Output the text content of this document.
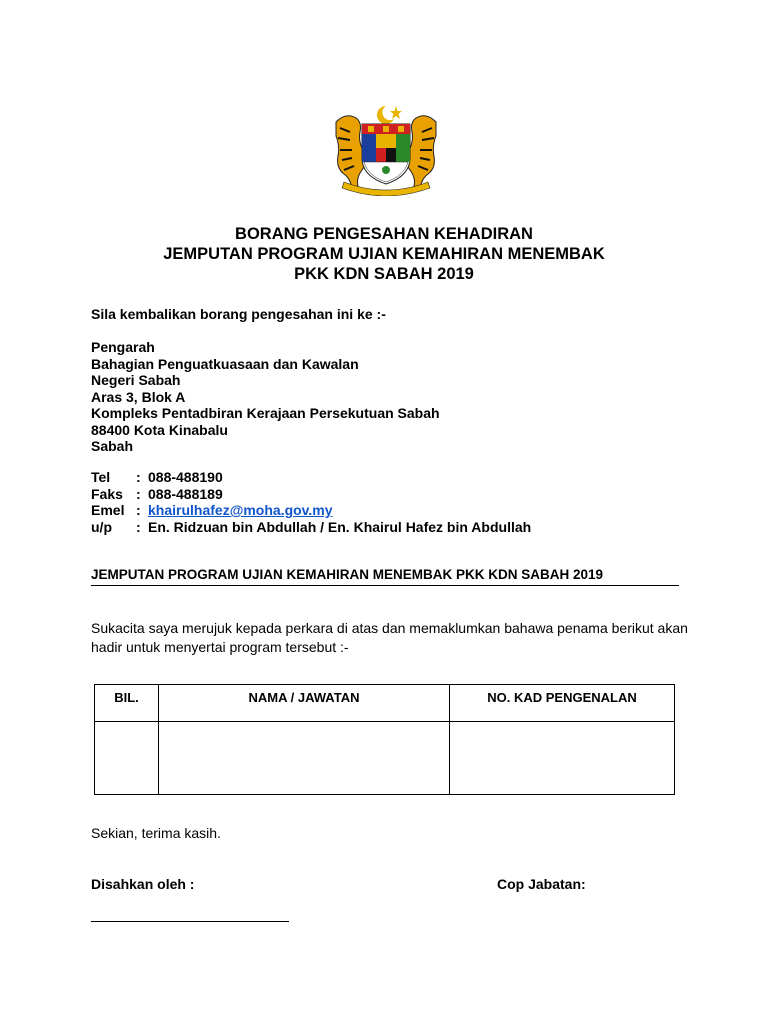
BORANG PENGESAHAN KEHADIRAN
JEMPUTAN PROGRAM UJIAN KEMAHIRAN MENEMBAK
PKK KDN SABAH 2019
Sila kembalikan borang pengesahan ini ke :-
Pengarah
Bahagian Penguatkuasaan dan Kawalan
Negeri Sabah
Aras 3, Blok A
Kompleks Pentadbiran Kerajaan Persekutuan Sabah
88400 Kota Kinabalu
Sabah
Tel	: 088-488190
Faks : 088-488189
Emel : khairulhafez@moha.gov.my
u/p	: En. Ridzuan bin Abdullah / En. Khairul Hafez bin Abdullah
JEMPUTAN PROGRAM UJIAN KEMAHIRAN MENEMBAK PKK KDN SABAH 2019
Sukacita saya merujuk kepada perkara di atas dan memaklumkan bahawa penama berikut akan hadir untuk menyertai program tersebut :-
BIL.	NAMA / JAWATAN	NO. KAD PENGENALAN

Sekian, terima kasih.
Disahkan oleh :	Cop Jabatan:
